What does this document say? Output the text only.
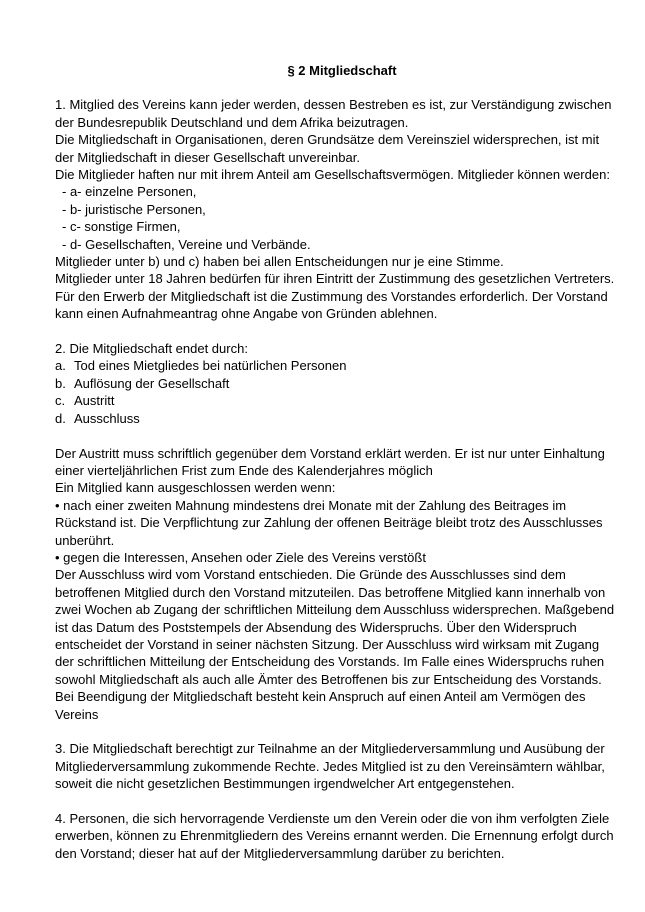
§ 2 Mitgliedschaft
1. Mitglied des Vereins kann jeder werden, dessen Bestreben es ist, zur Verständigung zwischen
der Bundesrepublik Deutschland und dem Afrika beizutragen.
Die Mitgliedschaft in Organisationen, deren Grundsätze dem Vereinsziel widersprechen, ist mit
der Mitgliedschaft in dieser Gesellschaft unvereinbar.
Die Mitglieder haften nur mit ihrem Anteil am Gesellschaftsvermögen. Mitglieder können werden:
- a- einzelne Personen,
- b- juristische Personen,
- c- sonstige Firmen,
- d- Gesellschaften, Vereine und Verbände.
Mitglieder unter b) und c) haben bei allen Entscheidungen nur je eine Stimme.
Mitglieder unter 18 Jahren bedürfen für ihren Eintritt der Zustimmung des gesetzlichen Vertreters.
Für den Erwerb der Mitgliedschaft ist die Zustimmung des Vorstandes erforderlich. Der Vorstand
kann einen Aufnahmeantrag ohne Angabe von Gründen ablehnen.
2. Die Mitgliedschaft endet durch:
a. Tod eines Mietgliedes bei natürlichen Personen
b. Auflösung der Gesellschaft
c. Austritt
d. Ausschluss
Der Austritt muss schriftlich gegenüber dem Vorstand erklärt werden. Er ist nur unter Einhaltung
einer vierteljährlichen Frist zum Ende des Kalenderjahres möglich
Ein Mitglied kann ausgeschlossen werden wenn:
• nach einer zweiten Mahnung mindestens drei Monate mit der Zahlung des Beitrages im
Rückstand ist. Die Verpflichtung zur Zahlung der offenen Beiträge bleibt trotz des Ausschlusses
unberührt.
• gegen die Interessen, Ansehen oder Ziele des Vereins verstößt
Der Ausschluss wird vom Vorstand entschieden. Die Gründe des Ausschlusses sind dem
betroffenen Mitglied durch den Vorstand mitzuteilen. Das betroffene Mitglied kann innerhalb von
zwei Wochen ab Zugang der schriftlichen Mitteilung dem Ausschluss widersprechen. Maßgebend
ist das Datum des Poststempels der Absendung des Widerspruchs. Über den Widerspruch
entscheidet der Vorstand in seiner nächsten Sitzung. Der Ausschluss wird wirksam mit Zugang
der schriftlichen Mitteilung der Entscheidung des Vorstands. Im Falle eines Widerspruchs ruhen
sowohl Mitgliedschaft als auch alle Ämter des Betroffenen bis zur Entscheidung des Vorstands.
Bei Beendigung der Mitgliedschaft besteht kein Anspruch auf einen Anteil am Vermögen des
Vereins
3. Die Mitgliedschaft berechtigt zur Teilnahme an der Mitgliederversammlung und Ausübung der
Mitgliederversammlung zukommende Rechte. Jedes Mitglied ist zu den Vereinsämtern wählbar,
soweit die nicht gesetzlichen Bestimmungen irgendwelcher Art entgegenstehen.
4. Personen, die sich hervorragende Verdienste um den Verein oder die von ihm verfolgten Ziele
erwerben, können zu Ehrenmitgliedern des Vereins ernannt werden. Die Ernennung erfolgt durch
den Vorstand; dieser hat auf der Mitgliederversammlung darüber zu berichten.
